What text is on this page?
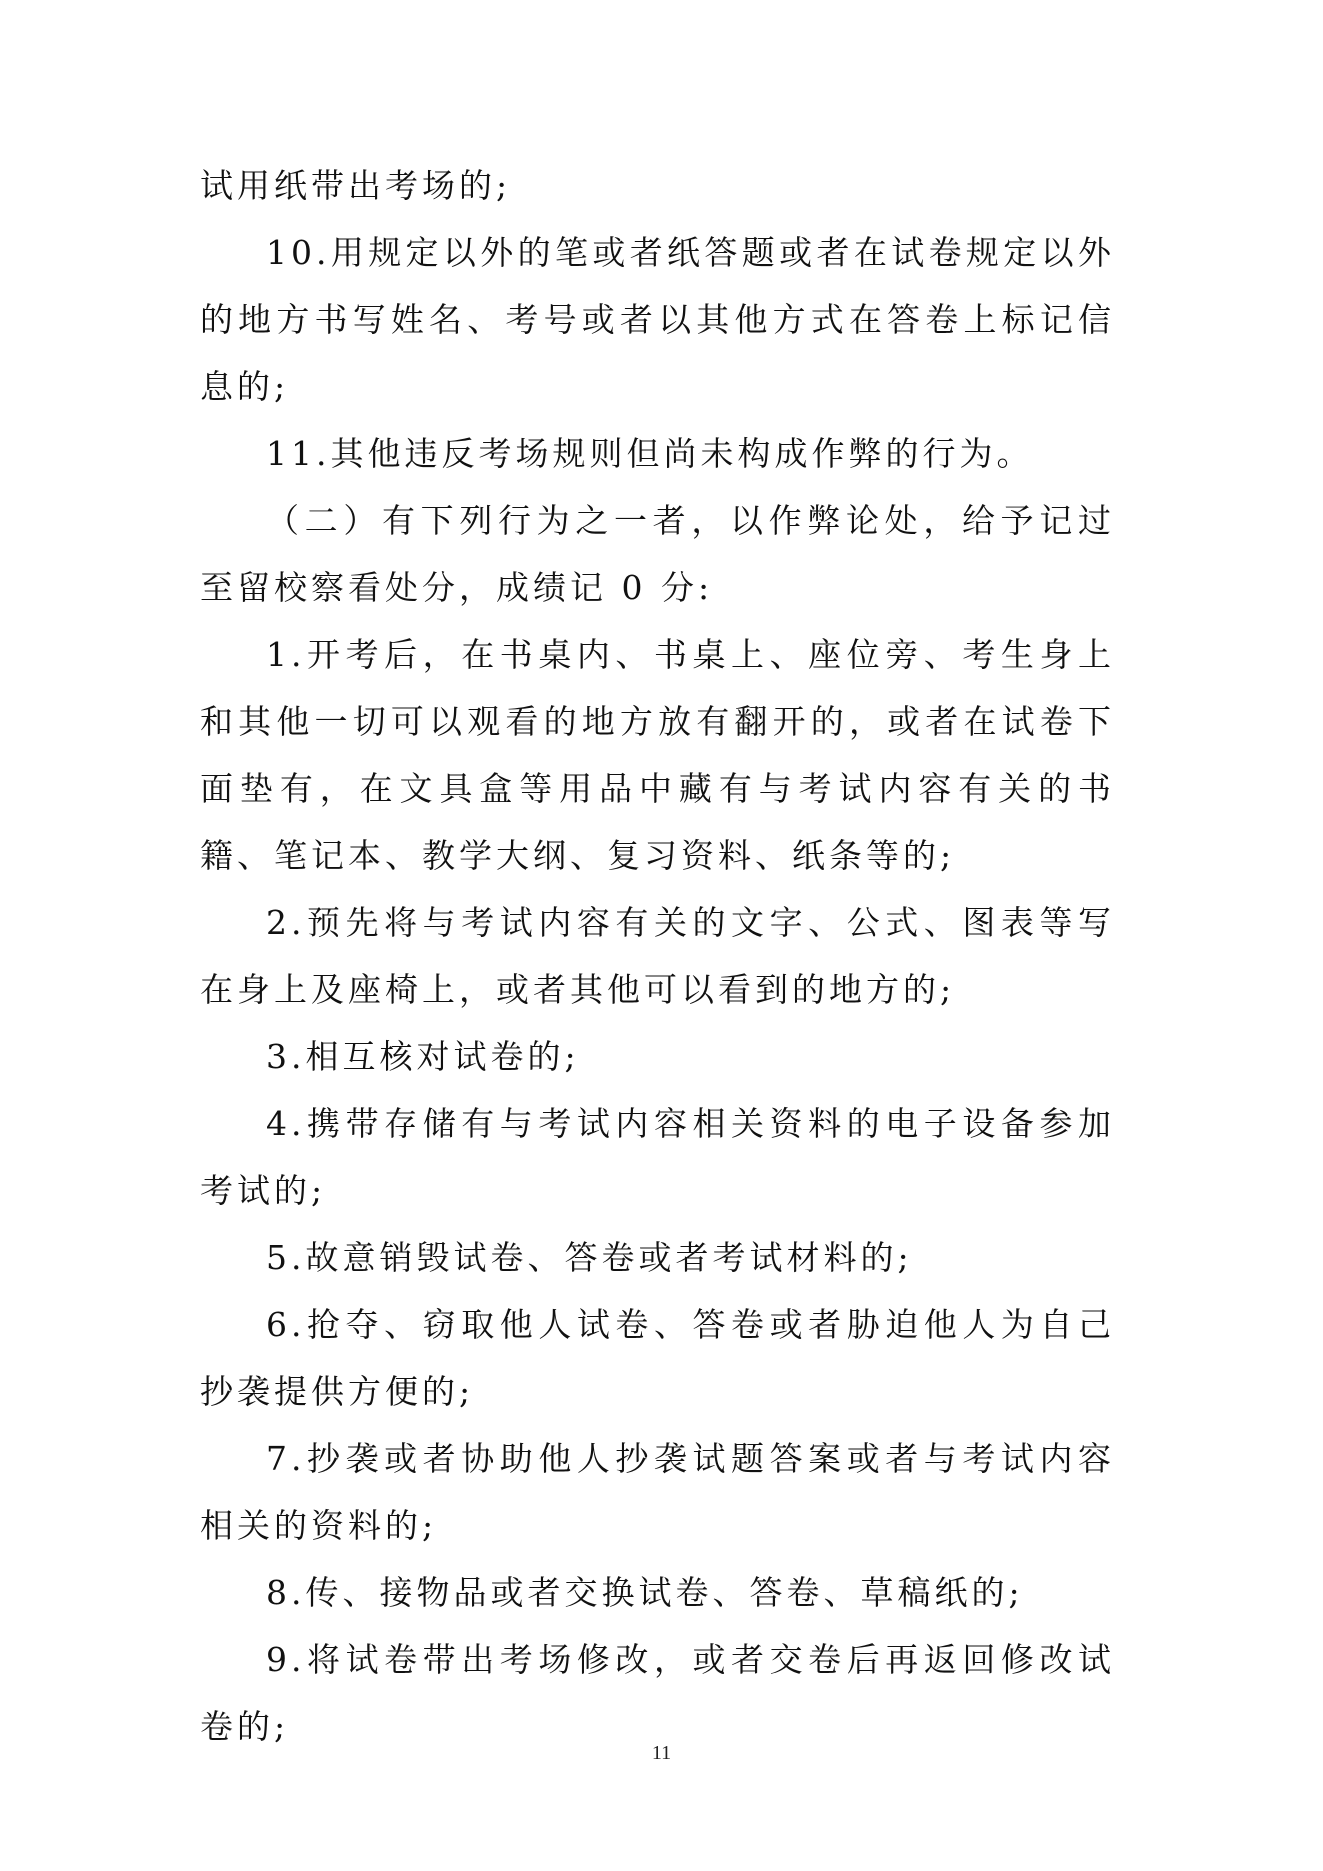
试用纸带出考场的;

10.用规定以外的笔或者纸答题或者在试卷规定以外的地方书写姓名、考号或者以其他方式在答卷上标记信息的;

11.其他违反考场规则但尚未构成作弊的行为。

（二）有下列行为之一者，以作弊论处，给予记过至留校察看处分，成绩记 0 分:

1.开考后，在书桌内、书桌上、座位旁、考生身上和其他一切可以观看的地方放有翻开的，或者在试卷下面垫有，在文具盒等用品中藏有与考试内容有关的书籍、笔记本、教学大纲、复习资料、纸条等的;

2.预先将与考试内容有关的文字、公式、图表等写在身上及座椅上，或者其他可以看到的地方的;

3.相互核对试卷的;

4.携带存储有与考试内容相关资料的电子设备参加考试的;

5.故意销毁试卷、答卷或者考试材料的;

6.抢夺、窃取他人试卷、答卷或者胁迫他人为自己抄袭提供方便的;

7.抄袭或者协助他人抄袭试题答案或者与考试内容相关的资料的;

8.传、接物品或者交换试卷、答卷、草稿纸的;

9.将试卷带出考场修改，或者交卷后再返回修改试卷的;

11
